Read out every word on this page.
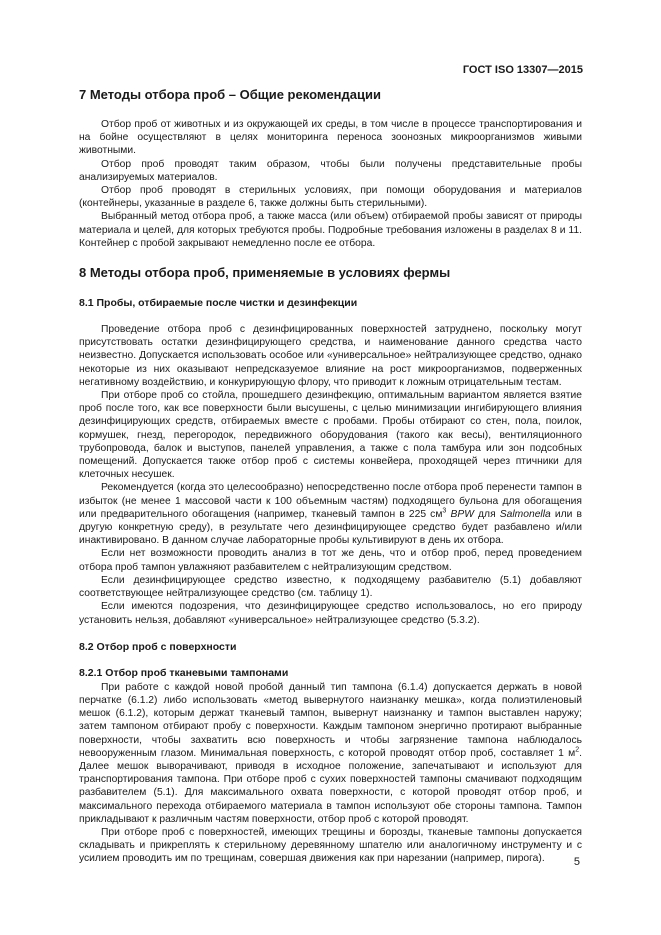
ГОСТ ISO 13307—2015
7 Методы отбора проб – Общие рекомендации

Отбор проб от животных и из окружающей их среды, в том числе в процессе транспортирования и на бойне осуществляют в целях мониторинга переноса зоонозных микроорганизмов живыми животными.

Отбор проб проводят таким образом, чтобы были получены представительные пробы анализируемых материалов.

Отбор проб проводят в стерильных условиях, при помощи оборудования и материалов (контейнеры, указанные в разделе 6, также должны быть стерильными).

Выбранный метод отбора проб, а также масса (или объем) отбираемой пробы зависят от природы материала и целей, для которых требуются пробы. Подробные требования изложены в разделах 8 и 11. Контейнер с пробой закрывают немедленно после ее отбора.

8 Методы отбора проб, применяемые в условиях фермы
8.1 Пробы, отбираемые после чистки и дезинфекции

Проведение отбора проб с дезинфицированных поверхностей затруднено, поскольку могут присутствовать остатки дезинфицирующего средства, и наименование данного средства часто неизвестно. Допускается использовать особое или «универсальное» нейтрализующее средство, однако некоторые из них оказывают непредсказуемое влияние на рост микроорганизмов, подверженных негативному воздействию, и конкурирующую флору, что приводит к ложным отрицательным тестам.

При отборе проб со стойла, прошедшего дезинфекцию, оптимальным вариантом является взятие проб после того, как все поверхности были высушены, с целью минимизации ингибирующего влияния дезинфицирующих средств, отбираемых вместе с пробами. Пробы отбирают со стен, пола, поилок, кормушек, гнезд, перегородок, передвижного оборудования (такого как весы), вентиляционного трубопровода, балок и выступов, панелей управления, а также с пола тамбура или зон подсобных помещений. Допускается также отбор проб с системы конвейера, проходящей через птичники для клеточных несушек.

Рекомендуется (когда это целесообразно) непосредственно после отбора проб перенести тампон в избыток (не менее 1 массовой части к 100 объемным частям) подходящего бульона для обогащения или предварительного обогащения (например, тканевый тампон в 225 $см^3$ BPW для Salmonella или в другую конкретную среду), в результате чего дезинфицирующее средство будет разбавлено и/или инактивировано. В данном случае лабораторные пробы культивируют в день их отбора.

Если нет возможности проводить анализ в тот же день, что и отбор проб, перед проведением отбора проб тампон увлажняют разбавителем с нейтрализующим средством.

Если дезинфицирующее средство известно, к подходящему разбавителю (5.1) добавляют соответствующее нейтрализующее средство (см. таблицу 1).

Если имеются подозрения, что дезинфицирующее средство использовалось, но его природу установить нельзя, добавляют «универсальное» нейтрализующее средство (5.3.2).

8.2 Отбор проб с поверхности
8.2.1 Отбор проб тканевыми тампонами

При работе с каждой новой пробой данный тип тампона (6.1.4) допускается держать в новой перчатке (6.1.2) либо использовать «метод вывернутого наизнанку мешка», когда полиэтиленовый мешок (6.1.2), которым держат тканевый тампон, вывернут наизнанку и тампон выставлен наружу; затем тампоном отбирают пробу с поверхности. Каждым тампоном энергично протирают выбранные поверхности, чтобы захватить всю поверхность и чтобы загрязнение тампона наблюдалось невооруженным глазом. Минимальная поверхность, с которой проводят отбор проб, составляет 1 $м^2$. Далее мешок выворачивают, приводя в исходное положение, запечатывают и используют для транспортирования тампона. При отборе проб с сухих поверхностей тампоны смачивают подходящим разбавителем (5.1). Для максимального охвата поверхности, с которой проводят отбор проб, и максимального перехода отбираемого материала в тампон используют обе стороны тампона. Тампон прикладывают к различным частям поверхности, отбор проб с которой проводят.

При отборе проб с поверхностей, имеющих трещины и борозды, тканевые тампоны допускается складывать и прикреплять к стерильному деревянному шпателю или аналогичному инструменту и с усилием проводить им по трещинам, совершая движения как при нарезании (например, пирога).	5
